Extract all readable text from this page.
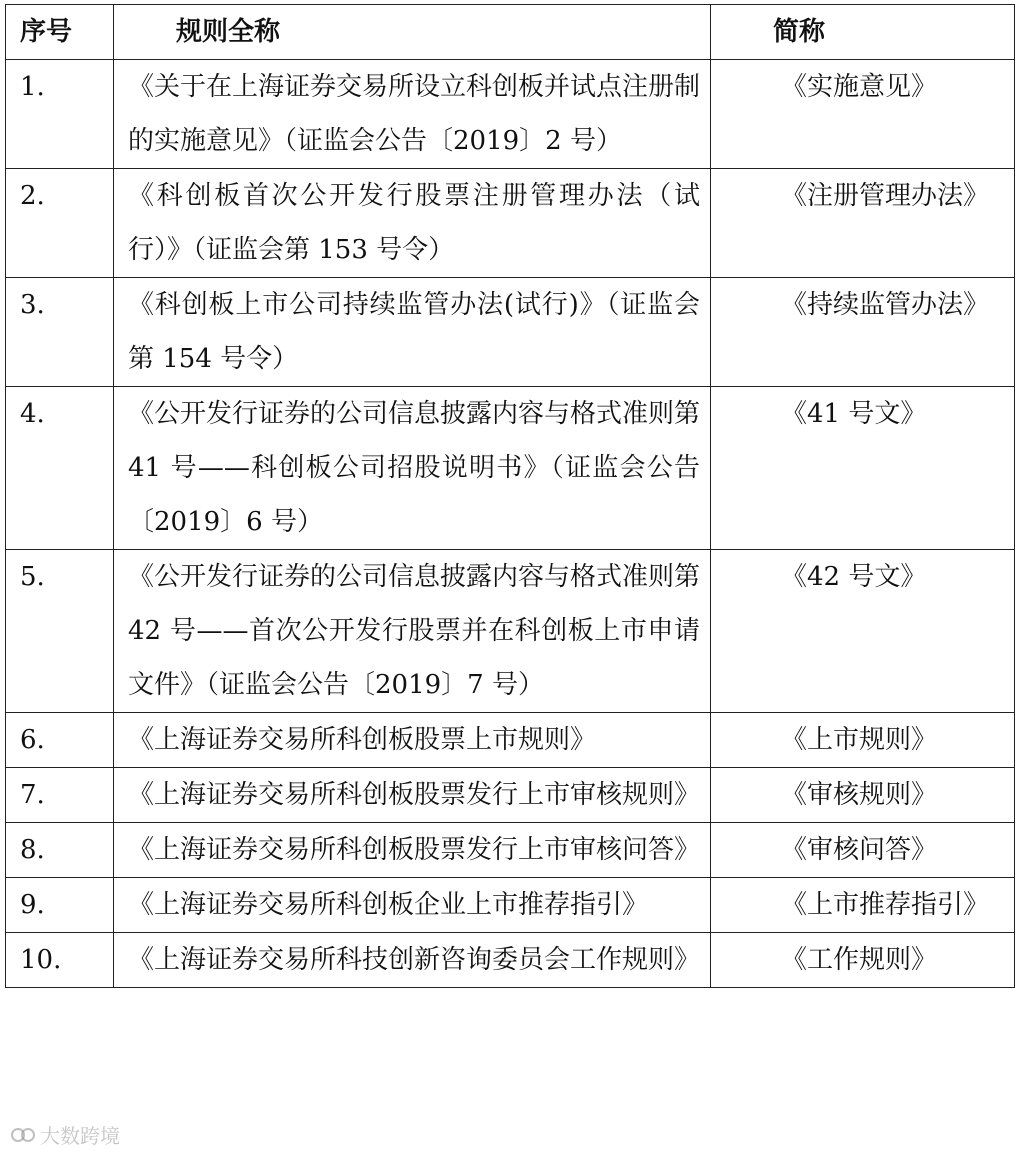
序号	规则全称	简称
1.	《关于在上海证券交易所设立科创板并试点注册制的实施意见》（证监会公告〔2019〕2 号）	《实施意见》
2.	《科创板首次公开发行股票注册管理办法（试行）》（证监会第 153 号令）	《注册管理办法》
3.	《科创板上市公司持续监管办法(试行)》（证监会第 154 号令）	《持续监管办法》
4.	《公开发行证券的公司信息披露内容与格式准则第 41 号——科创板公司招股说明书》（证监会公告〔2019〕6 号）	《41 号文》
5.	《公开发行证券的公司信息披露内容与格式准则第 42 号——首次公开发行股票并在科创板上市申请文件》（证监会公告〔2019〕7 号）	《42 号文》
6.	《上海证券交易所科创板股票上市规则》	《上市规则》
7.	《上海证券交易所科创板股票发行上市审核规则》	《审核规则》
8.	《上海证券交易所科创板股票发行上市审核问答》	《审核问答》
9.	《上海证券交易所科创板企业上市推荐指引》	《上市推荐指引》
10.	《上海证券交易所科技创新咨询委员会工作规则》	《工作规则》
大数跨境
